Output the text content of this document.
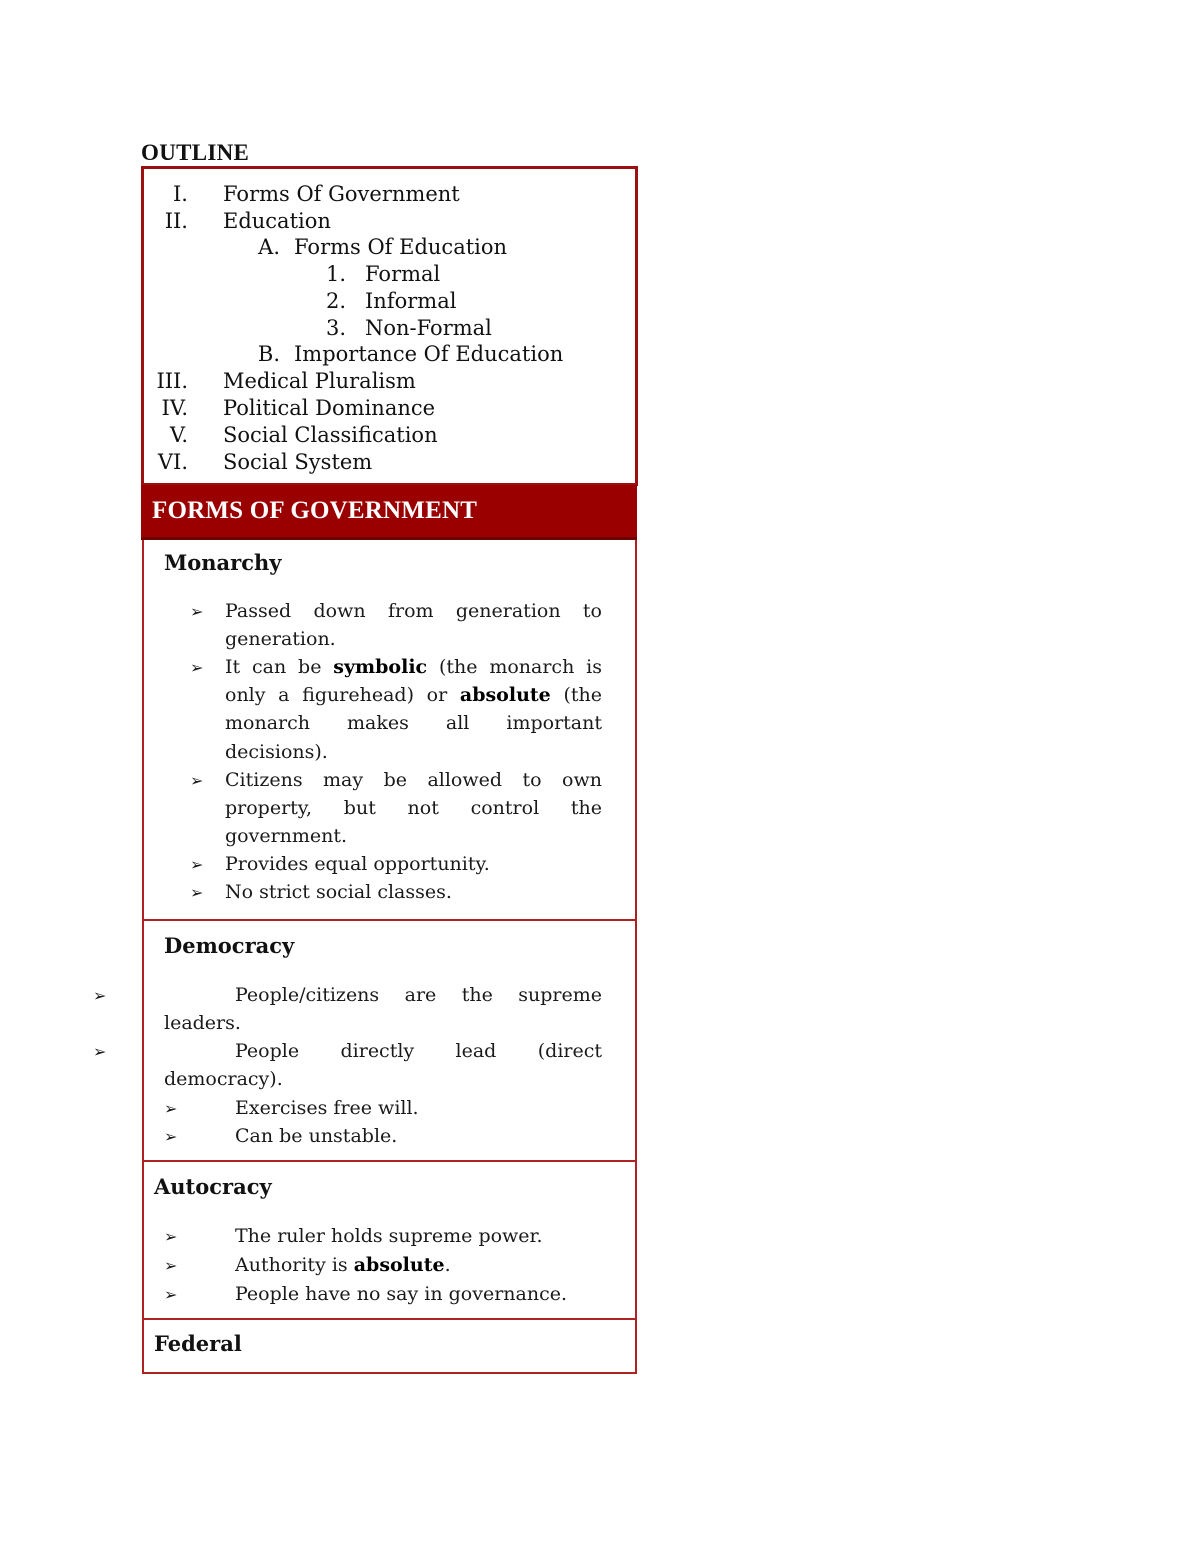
OUTLINE
I. Forms Of Government
II. Education
A. Forms Of Education
1. Formal
2. Informal
3. Non-Formal
B. Importance Of Education
III. Medical Pluralism
IV. Political Dominance
V. Social Classification
VI. Social System
FORMS OF GOVERNMENT
Monarchy
➢ Passed down from generation to generation.
➢ It can be symbolic (the monarch is only a figurehead) or absolute (the monarch makes all important decisions).
➢ Citizens may be allowed to own property, but not control the government.
➢ Provides equal opportunity.
➢ No strict social classes.
Democracy
➢	People/citizens are the supreme leaders.
➢	People directly lead (direct democracy).
➢	Exercises free will.
➢	Can be unstable.
Autocracy
➢	The ruler holds supreme power.
➢	Authority is absolute.
➢	People have no say in governance.
Federal
